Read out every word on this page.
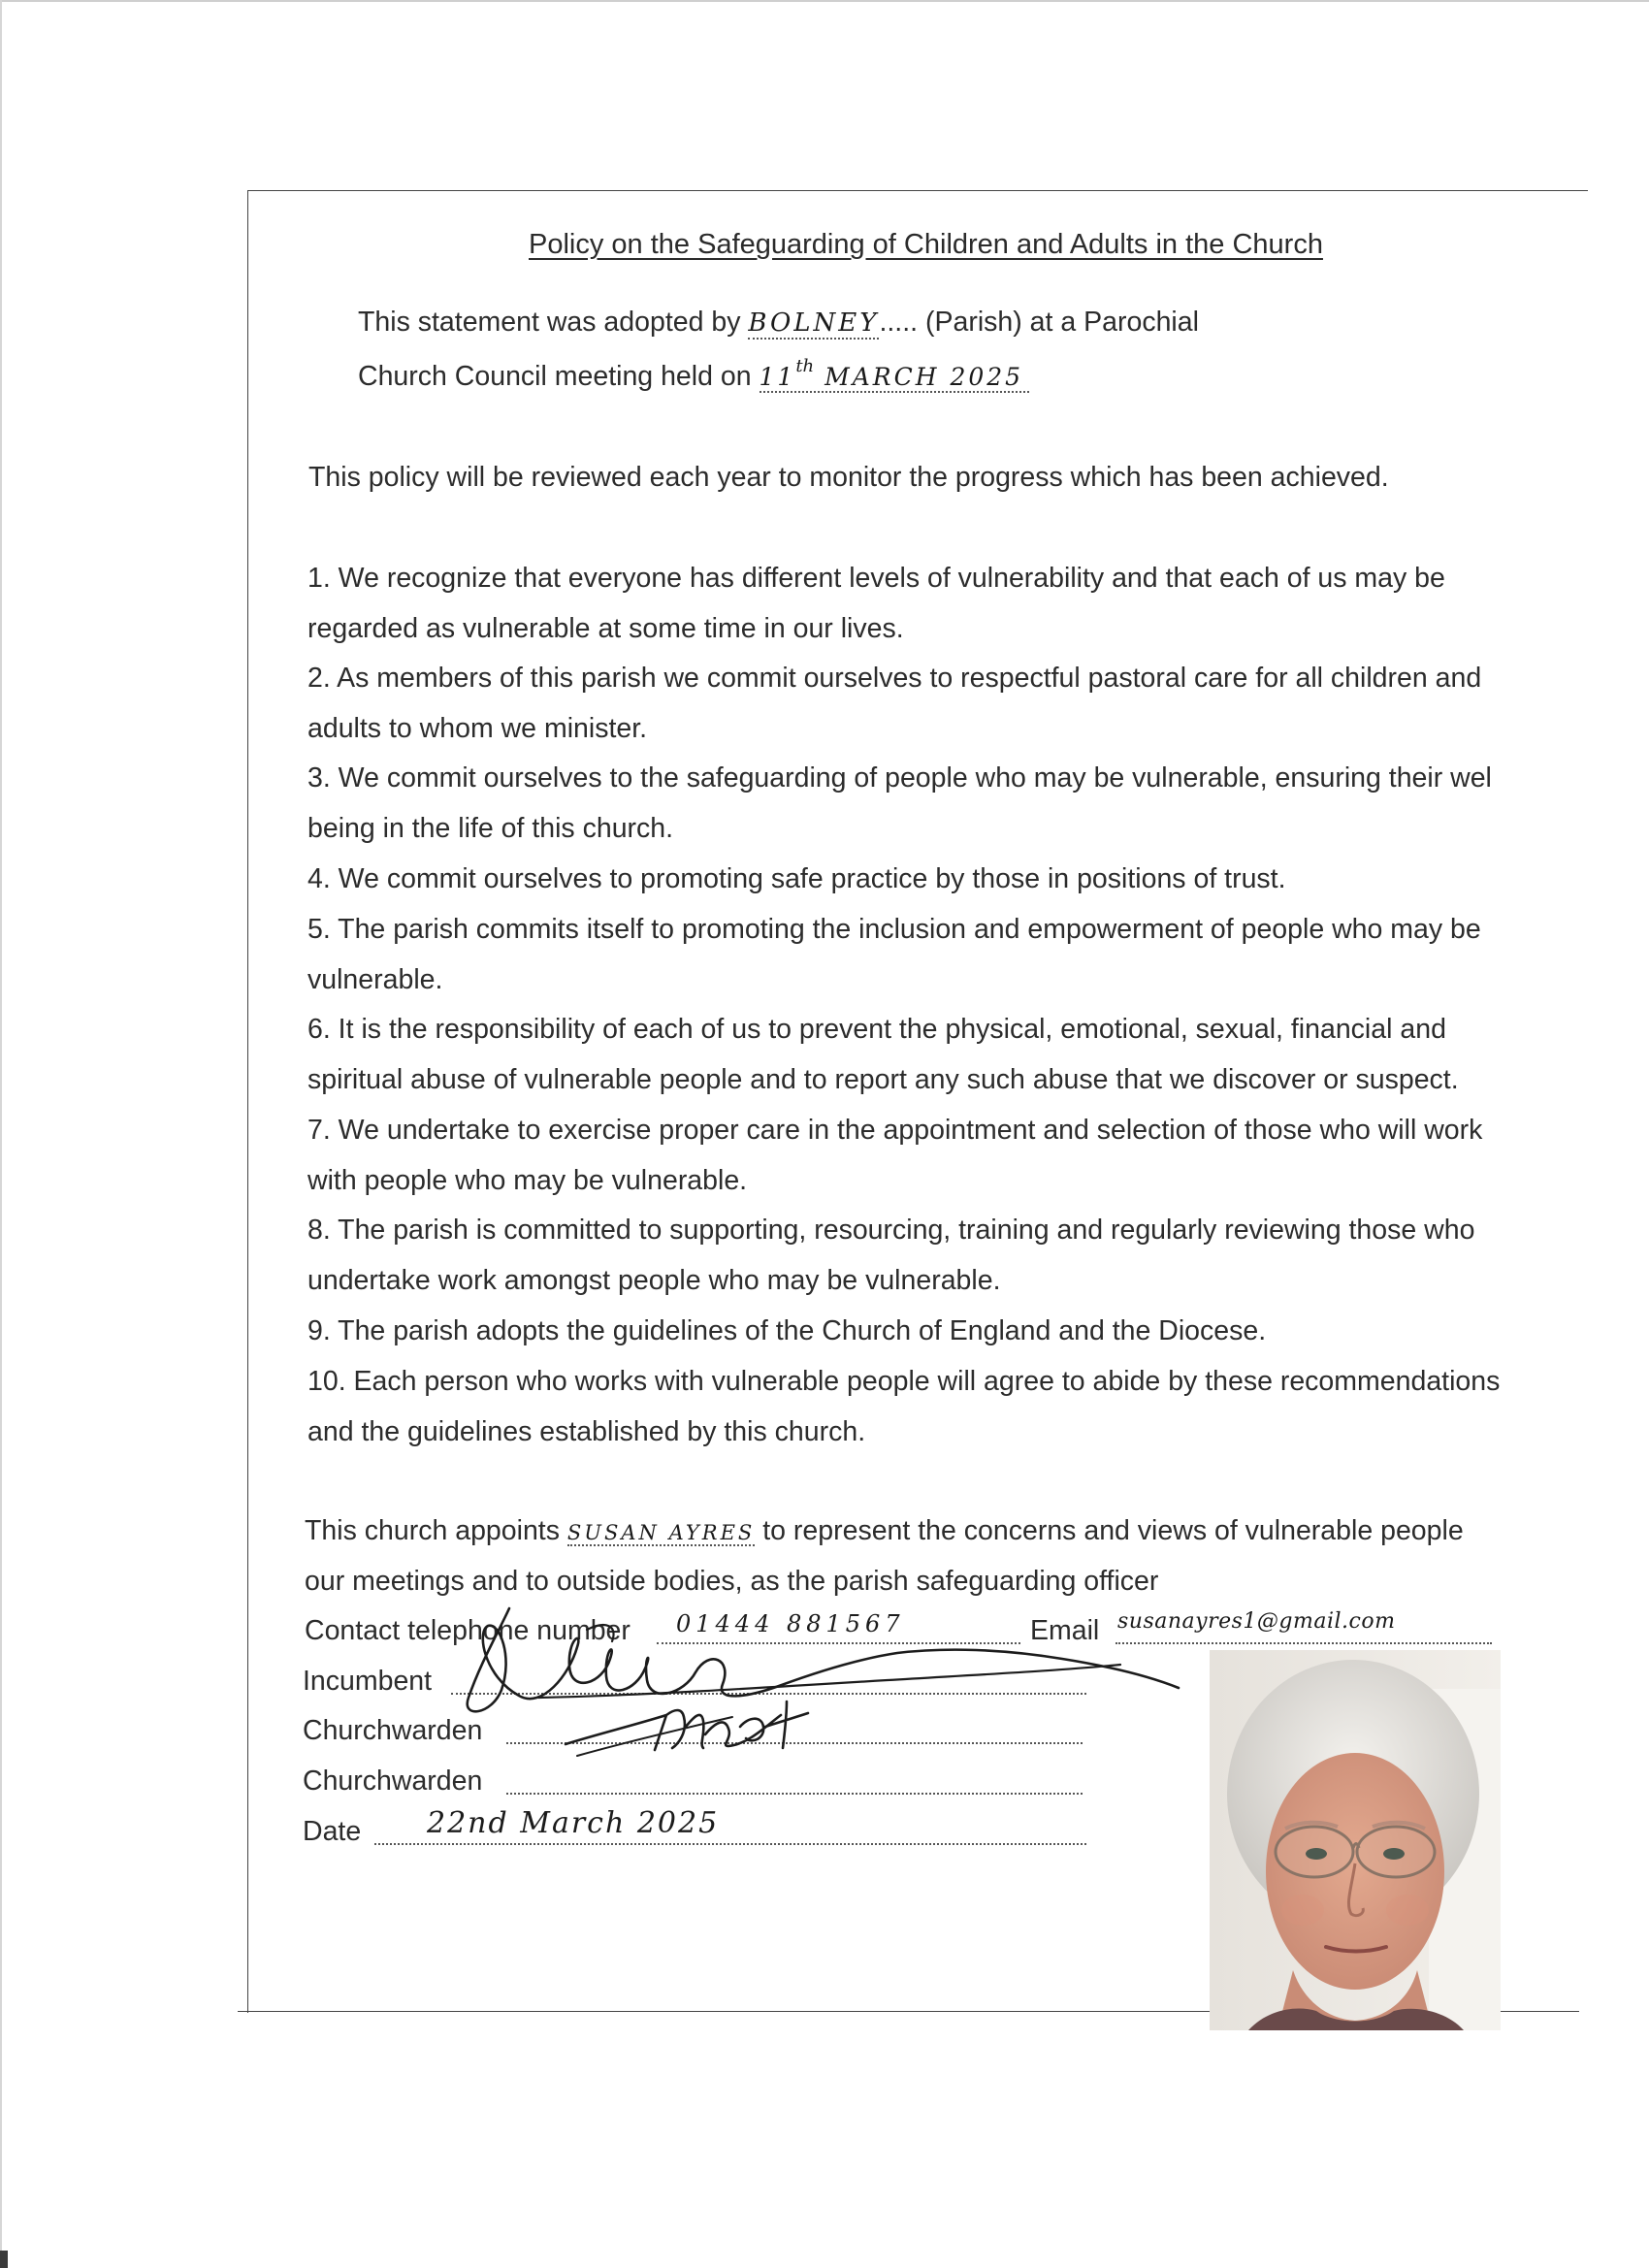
Policy on the Safeguarding of Children and Adults in the Church
This statement was adopted by BOLNEY..... (Parish) at a Parochial
Church Council meeting held on 11th MARCH 2025
This policy will be reviewed each year to monitor the progress which has been achieved.
1. We recognize that everyone has different levels of vulnerability and that each of us may be
regarded as vulnerable at some time in our lives.
2. As members of this parish we commit ourselves to respectful pastoral care for all children and
adults to whom we minister.
3. We commit ourselves to the safeguarding of people who may be vulnerable, ensuring their wel
being in the life of this church.
4. We commit ourselves to promoting safe practice by those in positions of trust.
5. The parish commits itself to promoting the inclusion and empowerment of people who may be
vulnerable.
6. It is the responsibility of each of us to prevent the physical, emotional, sexual, financial and
spiritual abuse of vulnerable people and to report any such abuse that we discover or suspect.
7. We undertake to exercise proper care in the appointment and selection of those who will work
with people who may be vulnerable.
8. The parish is committed to supporting, resourcing, training and regularly reviewing those who
undertake work amongst people who may be vulnerable.
9. The parish adopts the guidelines of the Church of England and the Diocese.
10. Each person who works with vulnerable people will agree to abide by these recommendations
and the guidelines established by this church.
This church appoints SUSAN AYRES to represent the concerns and views of vulnerable people
our meetings and to outside bodies, as the parish safeguarding officer
Contact telephone number 01444 881567	Email susanayres1@gmail.com
Incumbent
Churchwarden
Churchwarden
Date 22nd March 2025
